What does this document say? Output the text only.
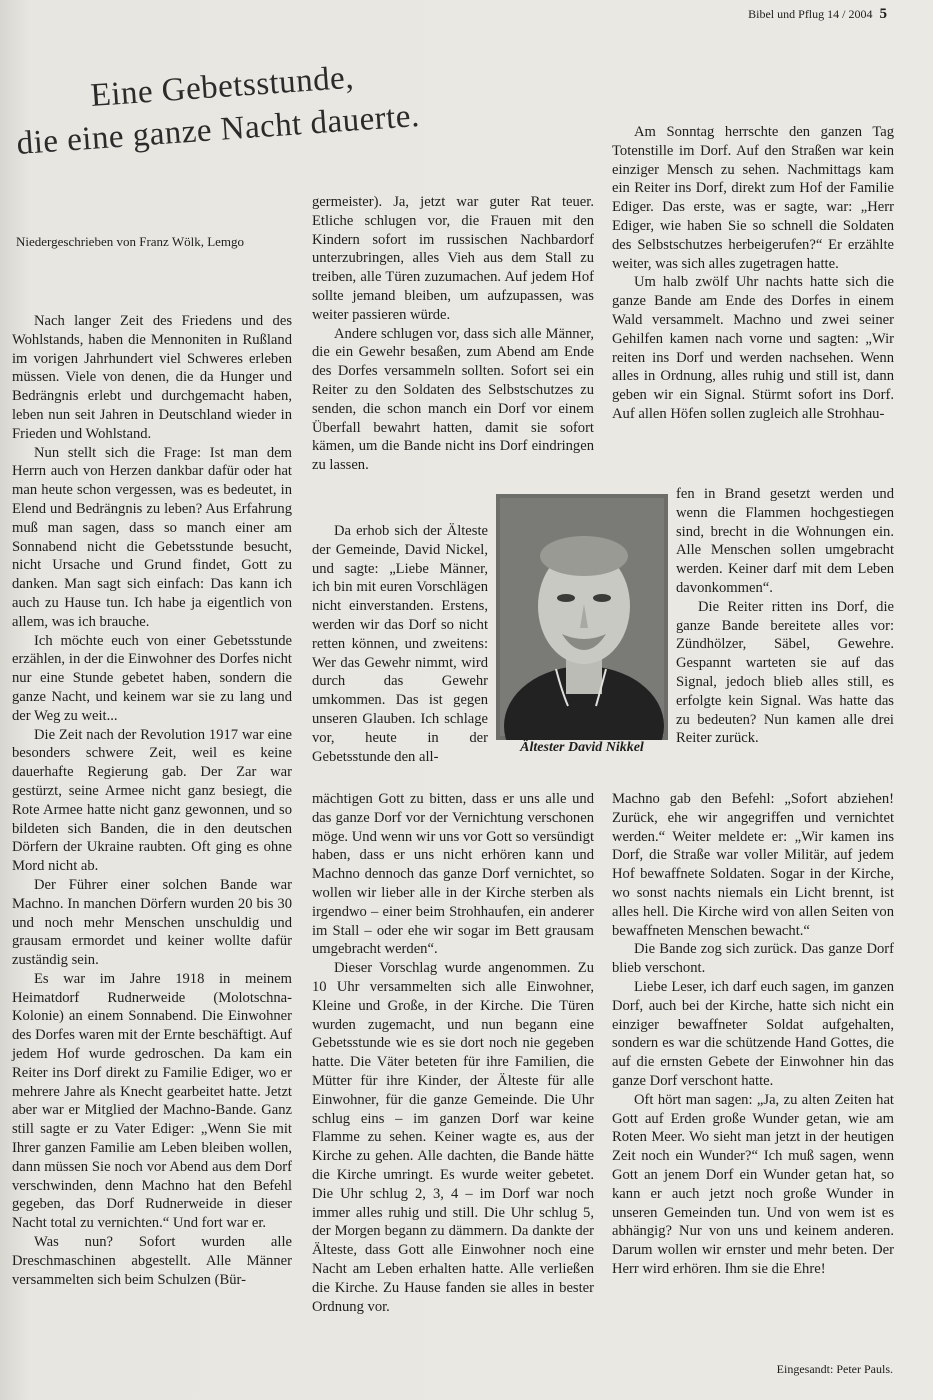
Bibel und Pflug 14 / 2004 5
Eine Gebetsstunde,
die eine ganze Nacht dauerte.
Niedergeschrieben von Franz Wölk, Lemgo

Nach langer Zeit des Friedens und des Wohlstands, haben die Mennoniten in Rußland im vorigen Jahrhundert viel Schweres erleben müssen. Viele von denen, die da Hunger und Bedrängnis erlebt und durchgemacht haben, leben nun seit Jahren in Deutschland wieder in Frieden und Wohlstand.

Nun stellt sich die Frage: Ist man dem Herrn auch von Herzen dankbar dafür oder hat man heute schon vergessen, was es bedeutet, in Elend und Bedrängnis zu leben? Aus Erfahrung muß man sagen, dass so manch einer am Sonnabend nicht die Gebetsstunde besucht, nicht Ursache und Grund findet, Gott zu danken. Man sagt sich einfach: Das kann ich auch zu Hause tun. Ich habe ja eigentlich von allem, was ich brauche.

Ich möchte euch von einer Gebetsstunde erzählen, in der die Einwohner des Dorfes nicht nur eine Stunde gebetet haben, sondern die ganze Nacht, und keinem war sie zu lang und der Weg zu weit...

Die Zeit nach der Revolution 1917 war eine besonders schwere Zeit, weil es keine dauerhafte Regierung gab. Der Zar war gestürzt, seine Armee nicht ganz besiegt, die Rote Armee hatte nicht ganz gewonnen, und so bildeten sich Banden, die in den deutschen Dörfern der Ukraine raubten. Oft ging es ohne Mord nicht ab.

Der Führer einer solchen Bande war Machno. In manchen Dörfern wurden 20 bis 30 und noch mehr Menschen unschuldig und grausam ermordet und keiner wollte dafür zuständig sein.

Es war im Jahre 1918 in meinem Heimatdorf Rudnerweide (Molotschna-Kolonie) an einem Sonnabend. Die Einwohner des Dorfes waren mit der Ernte beschäftigt. Auf jedem Hof wurde gedroschen. Da kam ein Reiter ins Dorf direkt zu Familie Ediger, wo er mehrere Jahre als Knecht gearbeitet hatte. Jetzt aber war er Mitglied der Machno-Bande. Ganz still sagte er zu Vater Ediger: „Wenn Sie mit Ihrer ganzen Familie am Leben bleiben wollen, dann müssen Sie noch vor Abend aus dem Dorf verschwinden, denn Machno hat den Befehl gegeben, das Dorf Rudnerweide in dieser Nacht total zu vernichten.“ Und fort war er.

Was nun? Sofort wurden alle Dreschmaschinen abgestellt. Alle Männer versammelten sich beim Schulzen (Bür-

germeister). Ja, jetzt war guter Rat teuer. Etliche schlugen vor, die Frauen mit den Kindern sofort im russischen Nachbardorf unterzubringen, alles Vieh aus dem Stall zu treiben, alle Türen zuzumachen. Auf jedem Hof sollte jemand bleiben, um aufzupassen, was weiter passieren würde.

Andere schlugen vor, dass sich alle Männer, die ein Gewehr besaßen, zum Abend am Ende des Dorfes versammeln sollten. Sofort sei ein Reiter zu den Soldaten des Selbstschutzes zu senden, die schon manch ein Dorf vor einem Überfall bewahrt hatten, damit sie sofort kämen, um die Bande nicht ins Dorf eindringen zu lassen.

Da erhob sich der Älteste der Gemeinde, David Nickel, und sagte: „Liebe Männer, ich bin mit euren Vorschlägen nicht einverstanden. Erstens, werden wir das Dorf so nicht retten können, und zweitens: Wer das Gewehr nimmt, wird durch das Gewehr umkommen. Das ist gegen unseren Glauben. Ich schlage vor, heute in der Gebetsstunde den all-

mächtigen Gott zu bitten, dass er uns alle und das ganze Dorf vor der Vernichtung verschonen möge. Und wenn wir uns vor Gott so versündigt haben, dass er uns nicht erhören kann und Machno dennoch das ganze Dorf vernichtet, so wollen wir lieber alle in der Kirche sterben als irgendwo – einer beim Strohhaufen, ein anderer im Stall – oder ehe wir sogar im Bett grausam umgebracht werden“.

Dieser Vorschlag wurde angenommen. Zu 10 Uhr versammelten sich alle Einwohner, Kleine und Große, in der Kirche. Die Türen wurden zugemacht, und nun begann eine Gebetsstunde wie es sie dort noch nie gegeben hatte. Die Väter beteten für ihre Familien, die Mütter für ihre Kinder, der Älteste für alle Einwohner, für die ganze Gemeinde. Die Uhr schlug eins – im ganzen Dorf war keine Flamme zu sehen. Keiner wagte es, aus der Kirche zu gehen. Alle dachten, die Bande hätte die Kirche umringt. Es wurde weiter gebetet. Die Uhr schlug 2, 3, 4 – im Dorf war noch immer alles ruhig und still. Die Uhr schlug 5, der Morgen begann zu dämmern. Da dankte der Älteste, dass Gott alle Einwohner noch eine Nacht am Leben erhalten hatte. Alle verließen die Kirche. Zu Hause fanden sie alles in bester Ordnung vor.

Ältester David Nikkel

Am Sonntag herrschte den ganzen Tag Totenstille im Dorf. Auf den Straßen war kein einziger Mensch zu sehen. Nachmittags kam ein Reiter ins Dorf, direkt zum Hof der Familie Ediger. Das erste, was er sagte, war: „Herr Ediger, wie haben Sie so schnell die Soldaten des Selbstschutzes herbeigerufen?“ Er erzählte weiter, was sich alles zugetragen hatte.

Um halb zwölf Uhr nachts hatte sich die ganze Bande am Ende des Dorfes in einem Wald versammelt. Machno und zwei seiner Gehilfen kamen nach vorne und sagten: „Wir reiten ins Dorf und werden nachsehen. Wenn alles in Ordnung, alles ruhig und still ist, dann geben wir ein Signal. Stürmt sofort ins Dorf. Auf allen Höfen sollen zugleich alle Strohhau-

fen in Brand gesetzt werden und wenn die Flammen hochgestiegen sind, brecht in die Wohnungen ein. Alle Menschen sollen umgebracht werden. Keiner darf mit dem Leben davonkommen“.

Die Reiter ritten ins Dorf, die ganze Bande bereitete alles vor: Zündhölzer, Säbel, Gewehre. Gespannt warteten sie auf das Signal, jedoch blieb alles still, es erfolgte kein Signal. Was hatte das zu bedeuten? Nun kamen alle drei Reiter zurück.

Machno gab den Befehl: „Sofort abziehen! Zurück, ehe wir angegriffen und vernichtet werden.“ Weiter meldete er: „Wir kamen ins Dorf, die Straße war voller Militär, auf jedem Hof bewaffnete Soldaten. Sogar in der Kirche, wo sonst nachts niemals ein Licht brennt, ist alles hell. Die Kirche wird von allen Seiten von bewaffneten Menschen bewacht.“

Die Bande zog sich zurück. Das ganze Dorf blieb verschont.

Liebe Leser, ich darf euch sagen, im ganzen Dorf, auch bei der Kirche, hatte sich nicht ein einziger bewaffneter Soldat aufgehalten, sondern es war die schützende Hand Gottes, die auf die ernsten Gebete der Einwohner hin das ganze Dorf verschont hatte.

Oft hört man sagen: „Ja, zu alten Zeiten hat Gott auf Erden große Wunder getan, wie am Roten Meer. Wo sieht man jetzt in der heutigen Zeit noch ein Wunder?“ Ich muß sagen, wenn Gott an jenem Dorf ein Wunder getan hat, so kann er auch jetzt noch große Wunder in unseren Gemeinden tun. Und von wem ist es abhängig? Nur von uns und keinem anderen. Darum wollen wir ernster und mehr beten. Der Herr wird erhören. Ihm sie die Ehre!

Eingesandt: Peter Pauls.
